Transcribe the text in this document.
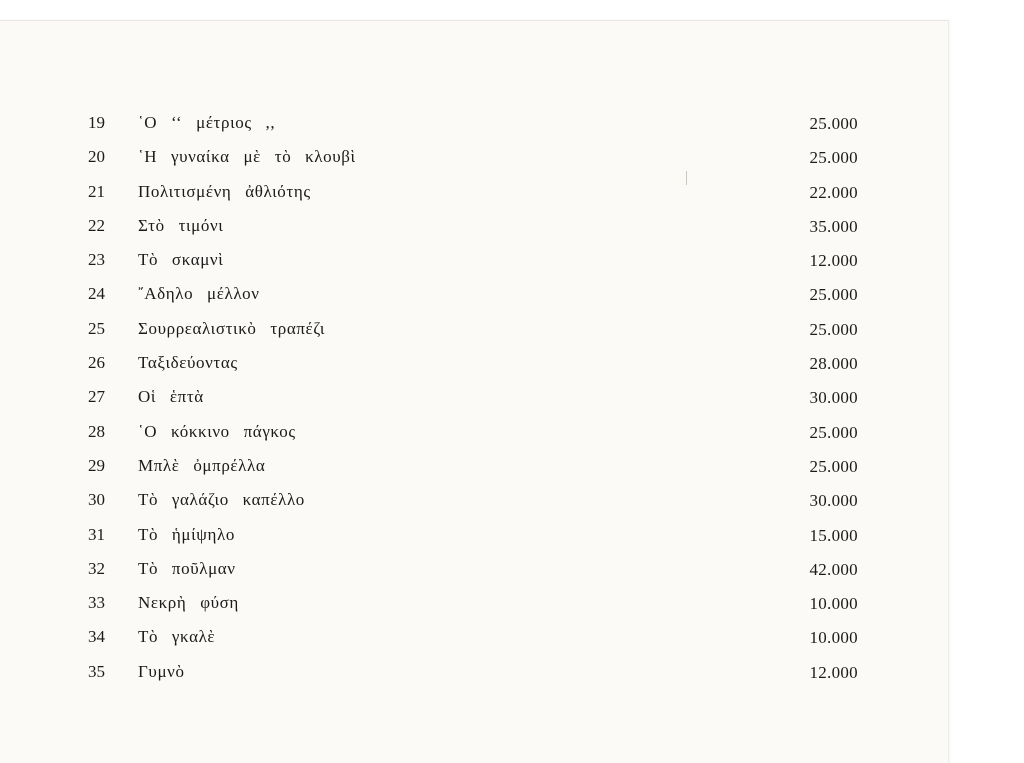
19	῾Ο ‘‘ μέτριος ,,	25.000
20	῾Η γυναίκα μὲ τὸ κλουβὶ	25.000
21	Πολιτισμένη ἀθλιότης	22.000
22	Στὸ τιμόνι	35.000
23	Τὸ σκαμνὶ	12.000
24	῎Αδηλο μέλλον	25.000
25	Σουρρεαλιστικὸ τραπέζι	25.000
26	Ταξιδεύοντας	28.000
27	Οἱ ἑπτὰ	30.000
28	῾Ο κόκκινο πάγκος	25.000
29	Μπλὲ ὀμπρέλλα	25.000
30	Τὸ γαλάζιο καπέλλο	30.000
31	Τὸ ἡμίψηλο	15.000
32	Τὸ ποῦλμαν	42.000
33	Νεκρὴ φύση	10.000
34	Τὸ γκαλὲ	10.000
35	Γυμνὸ	12.000
